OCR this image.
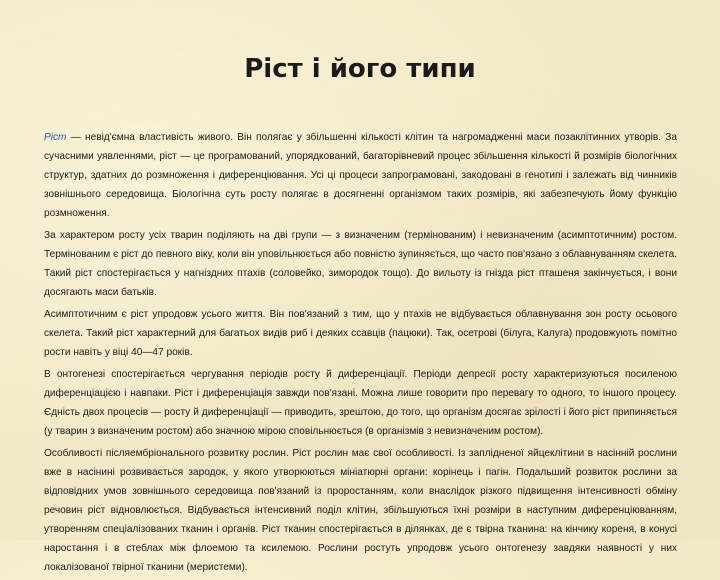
Ріст і його типи

Ріст — невід'ємна властивість живого. Він полягає у збільшенні кількості клітин та нагромадженні маси позаклітинних утворів. За сучасними уявленнями, ріст — це програмований, упорядкований, багаторівневий процес збільшення кількості й розмірів біологічних структур, здатних до розмноження і диференціювання. Усі ці процеси запрограмовані, закодовані в генотипі і залежать від чинників зовнішнього середовища. Біологічна суть росту полягає в досягненні організмом таких розмірів, які забезпечують йому функцію розмноження.

За характером росту усіх тварин поділяють на дві групи — з визначеним (термінованим) і невизначеним (асимптотичним) ростом. Термінованим є ріст до певного віку, коли він уповільнюється або повністю зупиняється, що часто пов'язано з облавнуванням скелета. Такий ріст спостерігається у нагніздних птахів (соловейко, зимородок тощо). До вильоту із гнізда ріст пташеня закінчується, і вони досягають маси батьків.

Асимптотичним є ріст упродовж усього життя. Він пов'язаний з тим, що у птахів не відбувається облавнування зон росту осьового скелета. Такий ріст характерний для багатьох видів риб і деяких ссавців (пацюки). Так, осетрові (білуга, Калуга) продовжують помітно рости навіть у віці 40—47 років.

В онтогенезі спостерігається чергування періодів росту й диференціації. Періоди депресії росту характеризуються посиленою диференціацією і навпаки. Ріст і диференціація завжди пов'язані. Можна лише говорити про перевагу то одного, то іншого процесу. Єдність двох процесів — росту й диференціації — приводить, зрештою, до того, що організм досягає зрілості і його ріст припиняється (у тварин з визначеним ростом) або значною мірою сповільнюється (в організмів з невизначеним ростом).

Особливості післяембріонального розвитку рослин. Ріст рослин має свої особливості. Із заплідненої яйцеклітини в насінній рослини вже в насінині розвивається зародок, у якого утворюються мініатюрні органи: корінець і пагін. Подальший розвиток рослини за відповідних умов зовнішнього середовища пов'язаний із проростанням, коли внаслідок різкого підвищення інтенсивності обміну речовин ріст відновлюється. Відбувається інтенсивний поділ клітин, збільшуються їхні розміри в наступним диференціюванням, утворенням спеціалізованих тканин і органів. Ріст тканин спостерігається в ділянках, де є твірна тканина: на кінчику кореня, в конусі наростання і в стеблах між флоемою та ксилемою. Рослини ростуть упродовж усього онтогенезу завдяки наявності у них локалізованої твірної тканини (меристеми).
